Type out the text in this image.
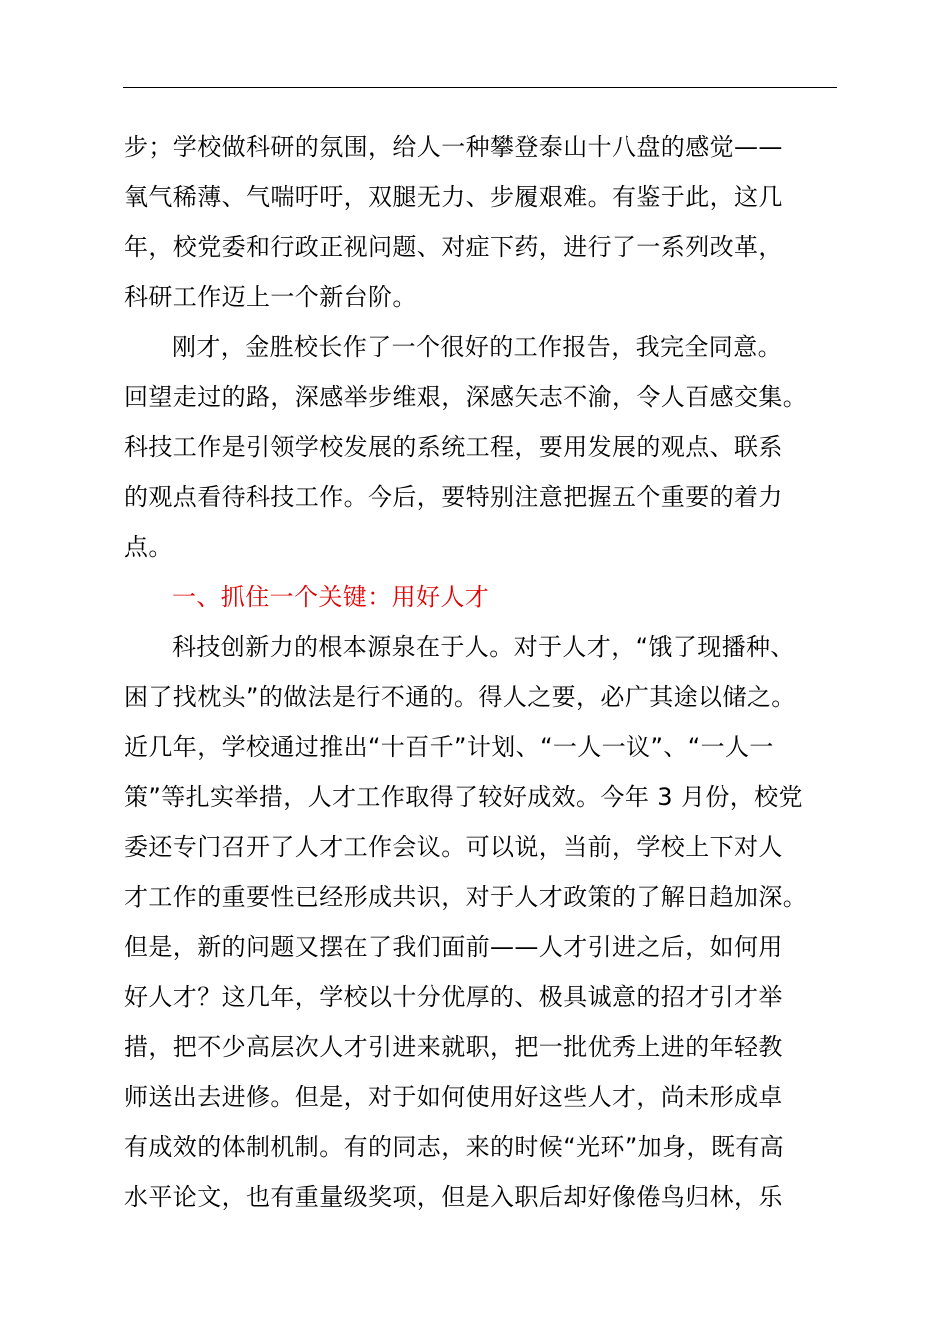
步；学校做科研的氛围，给人一种攀登泰山十八盘的感觉——
氧气稀薄、气喘吁吁，双腿无力、步履艰难。有鉴于此，这几
年，校党委和行政正视问题、对症下药，进行了一系列改革，
科研工作迈上一个新台阶。
刚才，金胜校长作了一个很好的工作报告，我完全同意。
回望走过的路，深感举步维艰，深感矢志不渝，令人百感交集。
科技工作是引领学校发展的系统工程，要用发展的观点、联系
的观点看待科技工作。今后，要特别注意把握五个重要的着力
点。
一、抓住一个关键：用好人才
科技创新力的根本源泉在于人。对于人才，“饿了现播种、
困了找枕头”的做法是行不通的。得人之要，必广其途以储之。
近几年，学校通过推出“十百千”计划、“一人一议”、“一人一
策”等扎实举措，人才工作取得了较好成效。今年 3 月份，校党
委还专门召开了人才工作会议。可以说，当前，学校上下对人
才工作的重要性已经形成共识，对于人才政策的了解日趋加深。
但是，新的问题又摆在了我们面前——人才引进之后，如何用
好人才？这几年，学校以十分优厚的、极具诚意的招才引才举
措，把不少高层次人才引进来就职，把一批优秀上进的年轻教
师送出去进修。但是，对于如何使用好这些人才，尚未形成卓
有成效的体制机制。有的同志，来的时候“光环”加身，既有高
水平论文，也有重量级奖项，但是入职后却好像倦鸟归林，乐
